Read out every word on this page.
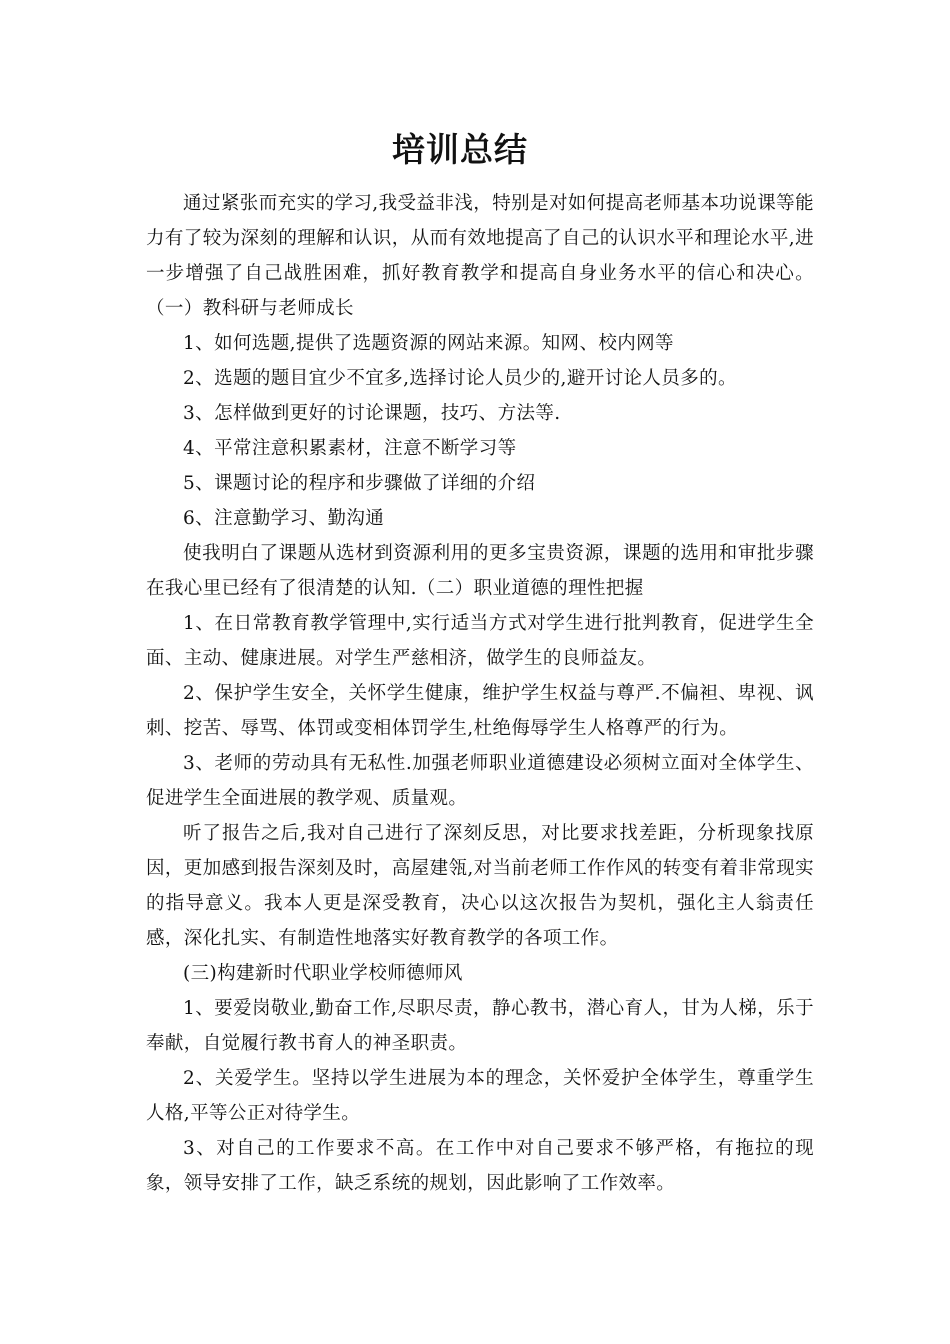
培训总结

通过紧张而充实的学习,我受益非浅，特别是对如何提高老师基本功说课等能力有了较为深刻的理解和认识，从而有效地提高了自己的认识水平和理论水平,进一步增强了自己战胜困难，抓好教育教学和提高自身业务水平的信心和决心。（一）教科研与老师成长

1、如何选题,提供了选题资源的网站来源。知网、校内网等

2、选题的题目宜少不宜多,选择讨论人员少的,避开讨论人员多的。

3、怎样做到更好的讨论课题，技巧、方法等.

4、平常注意积累素材，注意不断学习等

5、课题讨论的程序和步骤做了详细的介绍

6、注意勤学习、勤沟通

使我明白了课题从选材到资源利用的更多宝贵资源，课题的选用和审批步骤在我心里已经有了很清楚的认知.（二）职业道德的理性把握

1、在日常教育教学管理中,实行适当方式对学生进行批判教育，促进学生全面、主动、健康进展。对学生严慈相济，做学生的良师益友。

2、保护学生安全，关怀学生健康，维护学生权益与尊严.不偏袒、卑视、讽刺、挖苦、辱骂、体罚或变相体罚学生,杜绝侮辱学生人格尊严的行为。

3、老师的劳动具有无私性.加强老师职业道德建设必须树立面对全体学生、促进学生全面进展的教学观、质量观。

听了报告之后,我对自己进行了深刻反思，对比要求找差距，分析现象找原因，更加感到报告深刻及时，高屋建瓴,对当前老师工作作风的转变有着非常现实的指导意义。我本人更是深受教育，决心以这次报告为契机，强化主人翁责任感，深化扎实、有制造性地落实好教育教学的各项工作。

(三)构建新时代职业学校师德师风

1、要爱岗敬业,勤奋工作,尽职尽责，静心教书，潜心育人，甘为人梯，乐于奉献，自觉履行教书育人的神圣职责。

2、关爱学生。坚持以学生进展为本的理念，关怀爱护全体学生，尊重学生人格,平等公正对待学生。

3、对自己的工作要求不高。在工作中对自己要求不够严格，有拖拉的现象，领导安排了工作，缺乏系统的规划，因此影响了工作效率。
